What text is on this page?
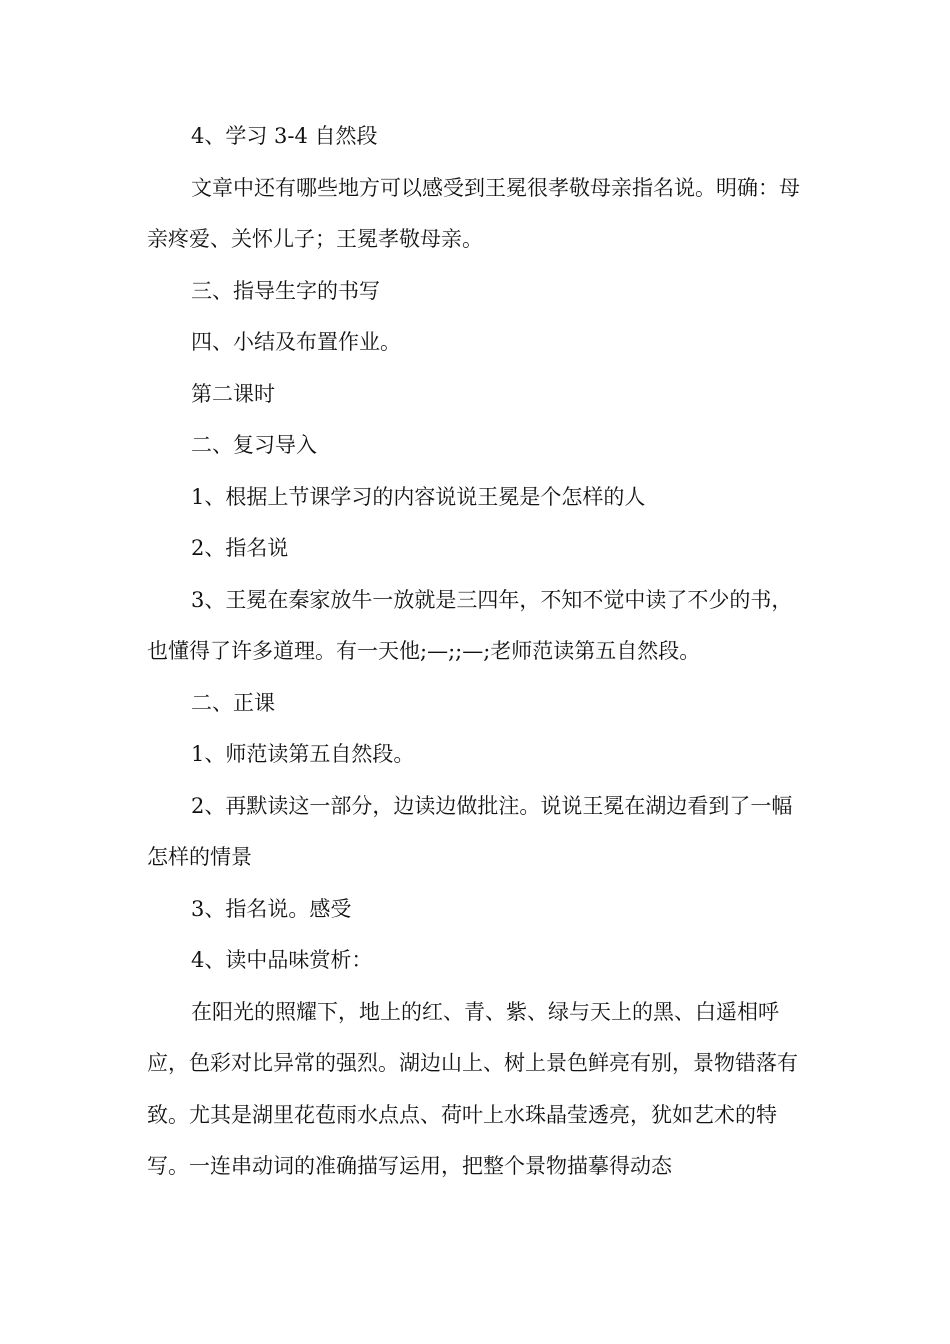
4、学习 3-4 自然段

文章中还有哪些地方可以感受到王冕很孝敬母亲指名说。明确：母亲疼爱、关怀儿子；王冕孝敬母亲。

三、指导生字的书写

四、小结及布置作业。

第二课时

二、复习导入

1、根据上节课学习的内容说说王冕是个怎样的人

2、指名说

3、王冕在秦家放牛一放就是三四年，不知不觉中读了不少的书，也懂得了许多道理。有一天他;—;;—;老师范读第五自然段。

二、正课

1、师范读第五自然段。

2、再默读这一部分，边读边做批注。说说王冕在湖边看到了一幅怎样的情景

3、指名说。感受

4、读中品味赏析：

在阳光的照耀下，地上的红、青、紫、绿与天上的黑、白遥相呼应，色彩对比异常的强烈。湖边山上、树上景色鲜亮有别，景物错落有致。尤其是湖里花苞雨水点点、荷叶上水珠晶莹透亮，犹如艺术的特写。一连串动词的准确描写运用，把整个景物描摹得动态
